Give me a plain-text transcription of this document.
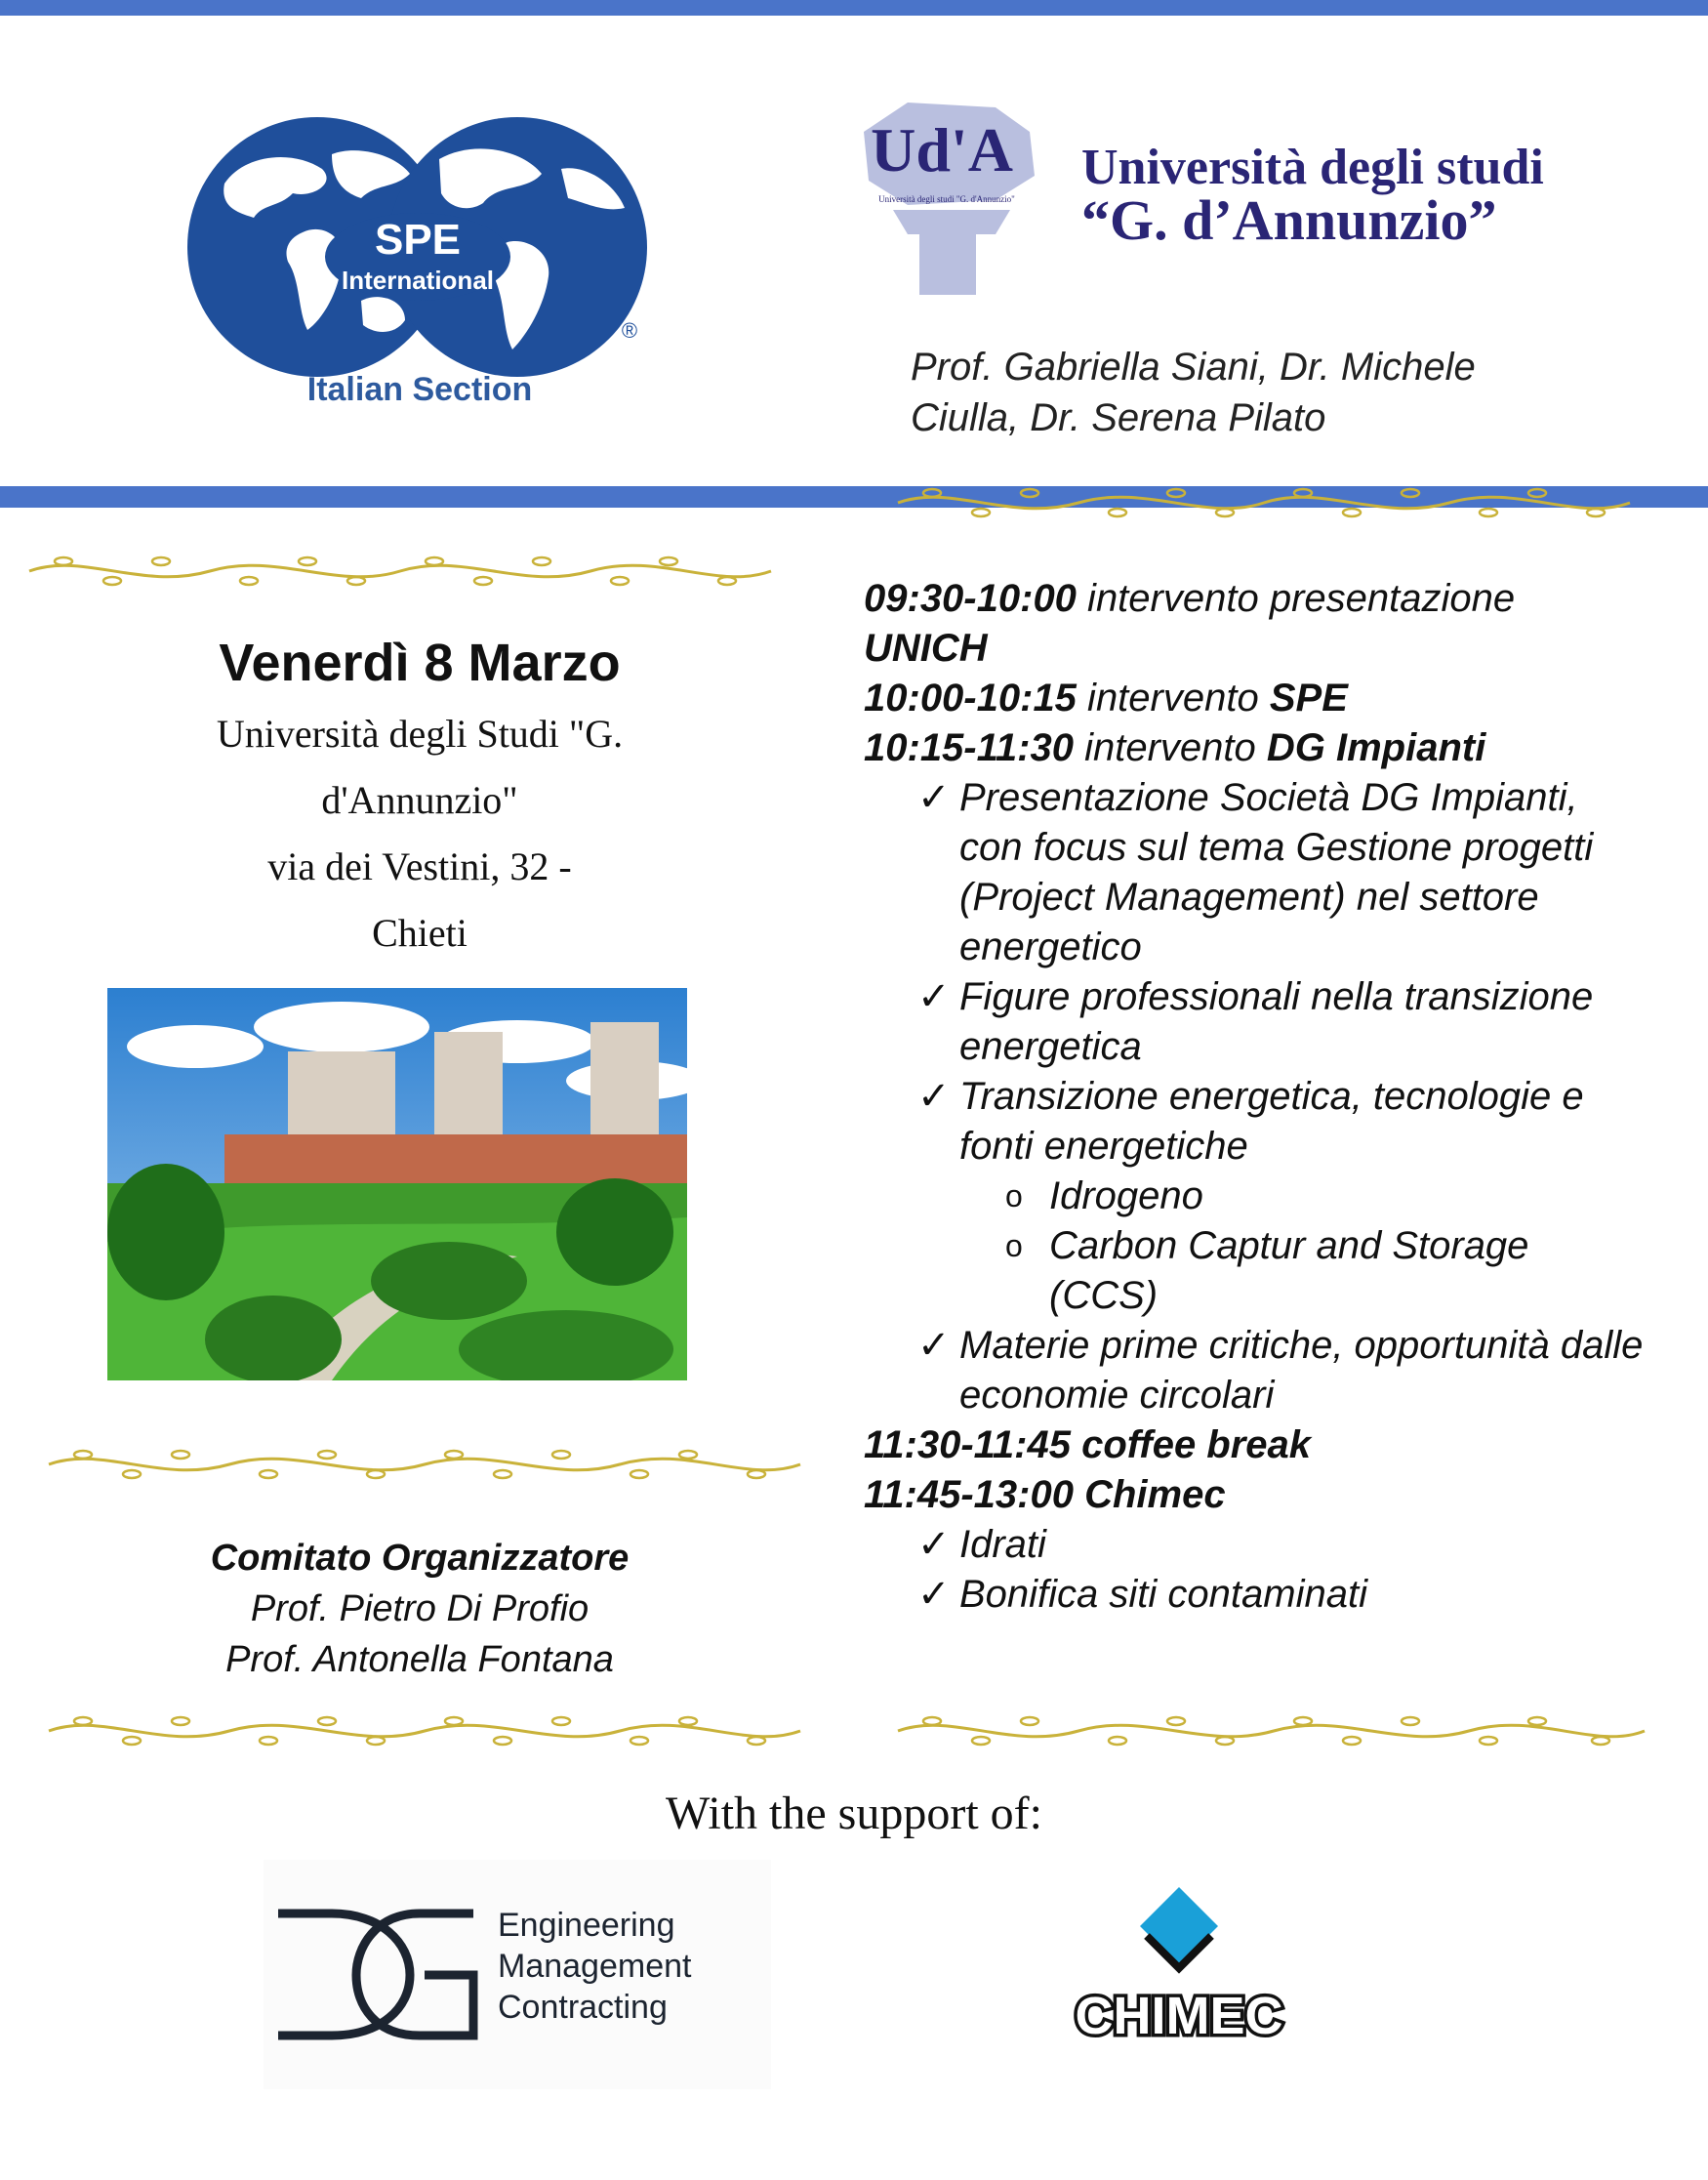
SPE
International
®
Italian Section
Ud'A
Università degli studi "G. d'Annunzio"
Università degli studi
“G. d’Annunzio”
Prof. Gabriella Siani, Dr. Michele Ciulla, Dr. Serena Pilato
Venerdì 8 Marzo
Università degli Studi "G.
d'Annunzio"
via dei Vestini, 32 -
Chieti
Comitato Organizzatore
Prof. Pietro Di Profio
Prof. Antonella Fontana
09:30-10:00 intervento presentazione
UNICH
10:00-10:15 intervento SPE
10:15-11:30 intervento DG Impianti
✓ Presentazione Società DG Impianti, con focus sul tema Gestione progetti (Project Management) nel settore energetico
✓ Figure professionali nella transizione energetica
✓ Transizione energetica, tecnologie e fonti energetiche
o Idrogeno
o Carbon Captur and Storage (CCS)
✓ Materie prime critiche, opportunità dalle economie circolari
11:30-11:45 coffee break
11:45-13:00 Chimec
✓ Idrati
✓ Bonifica siti contaminati
With the support of:
Engineering
Management
Contracting	CHIMEC
